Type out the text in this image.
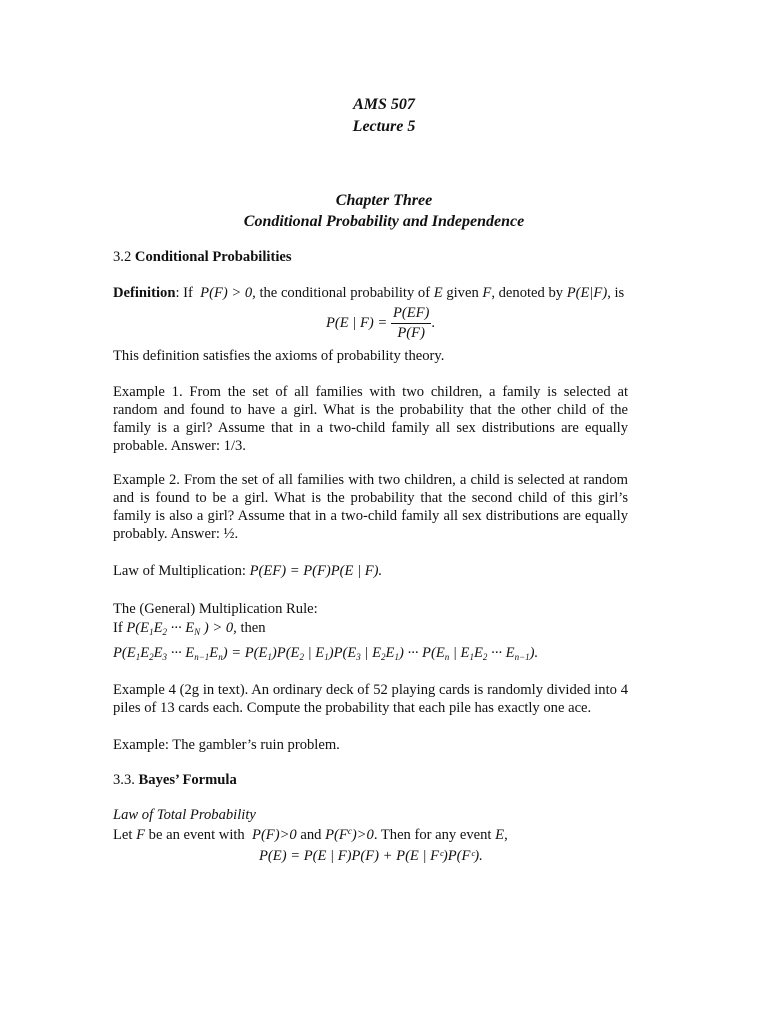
AMS 507
Lecture 5
Chapter Three
Conditional Probability and Independence
3.2 Conditional Probabilities
Definition: If P(F) > 0, the conditional probability of E given F, denoted by P(E|F), is
P(E | $F) = \frac{P(EF)}{P(F)}$ .
This definition satisfies the axioms of probability theory.
Example 1. From the set of all families with two children, a family is selected at random and found to have a girl. What is the probability that the other child of the family is a girl? Assume that in a two-child family all sex distributions are equally probable. Answer: 1/3.
Example 2. From the set of all families with two children, a child is selected at random and is found to be a girl. What is the probability that the second child of this girl’s family is also a girl? Assume that in a two-child family all sex distributions are equally probably. Answer: ½.
Law of Multiplication: P(EF) = P(F)P(E | F).
The (General) Multiplication Rule:
If $P(E_1E_2$ ··· $E_N$ ) > 0, then
$P(E_1E_2E_3$ ··· $E_{n-1}E_n) = P(E_1)P(E_2$ | $E_1)P(E_3$ | $E_2E_1$) ··· $P(E_n$ | $E_1E_2$ ··· $E_{n-1}$).
Example 4 (2g in text). An ordinary deck of 52 playing cards is randomly divided into 4 piles of 13 cards each. Compute the probability that each pile has exactly one ace.
Example: The gambler’s ruin problem.
3.3. Bayes’ Formula
Law of Total Probability
Let F be an event with  P(F)>0 and $P(F^c)>0$. Then for any event E,
P(E) = P(E | F)P(F) + P(E | Fᶜ)P(Fᶜ).
